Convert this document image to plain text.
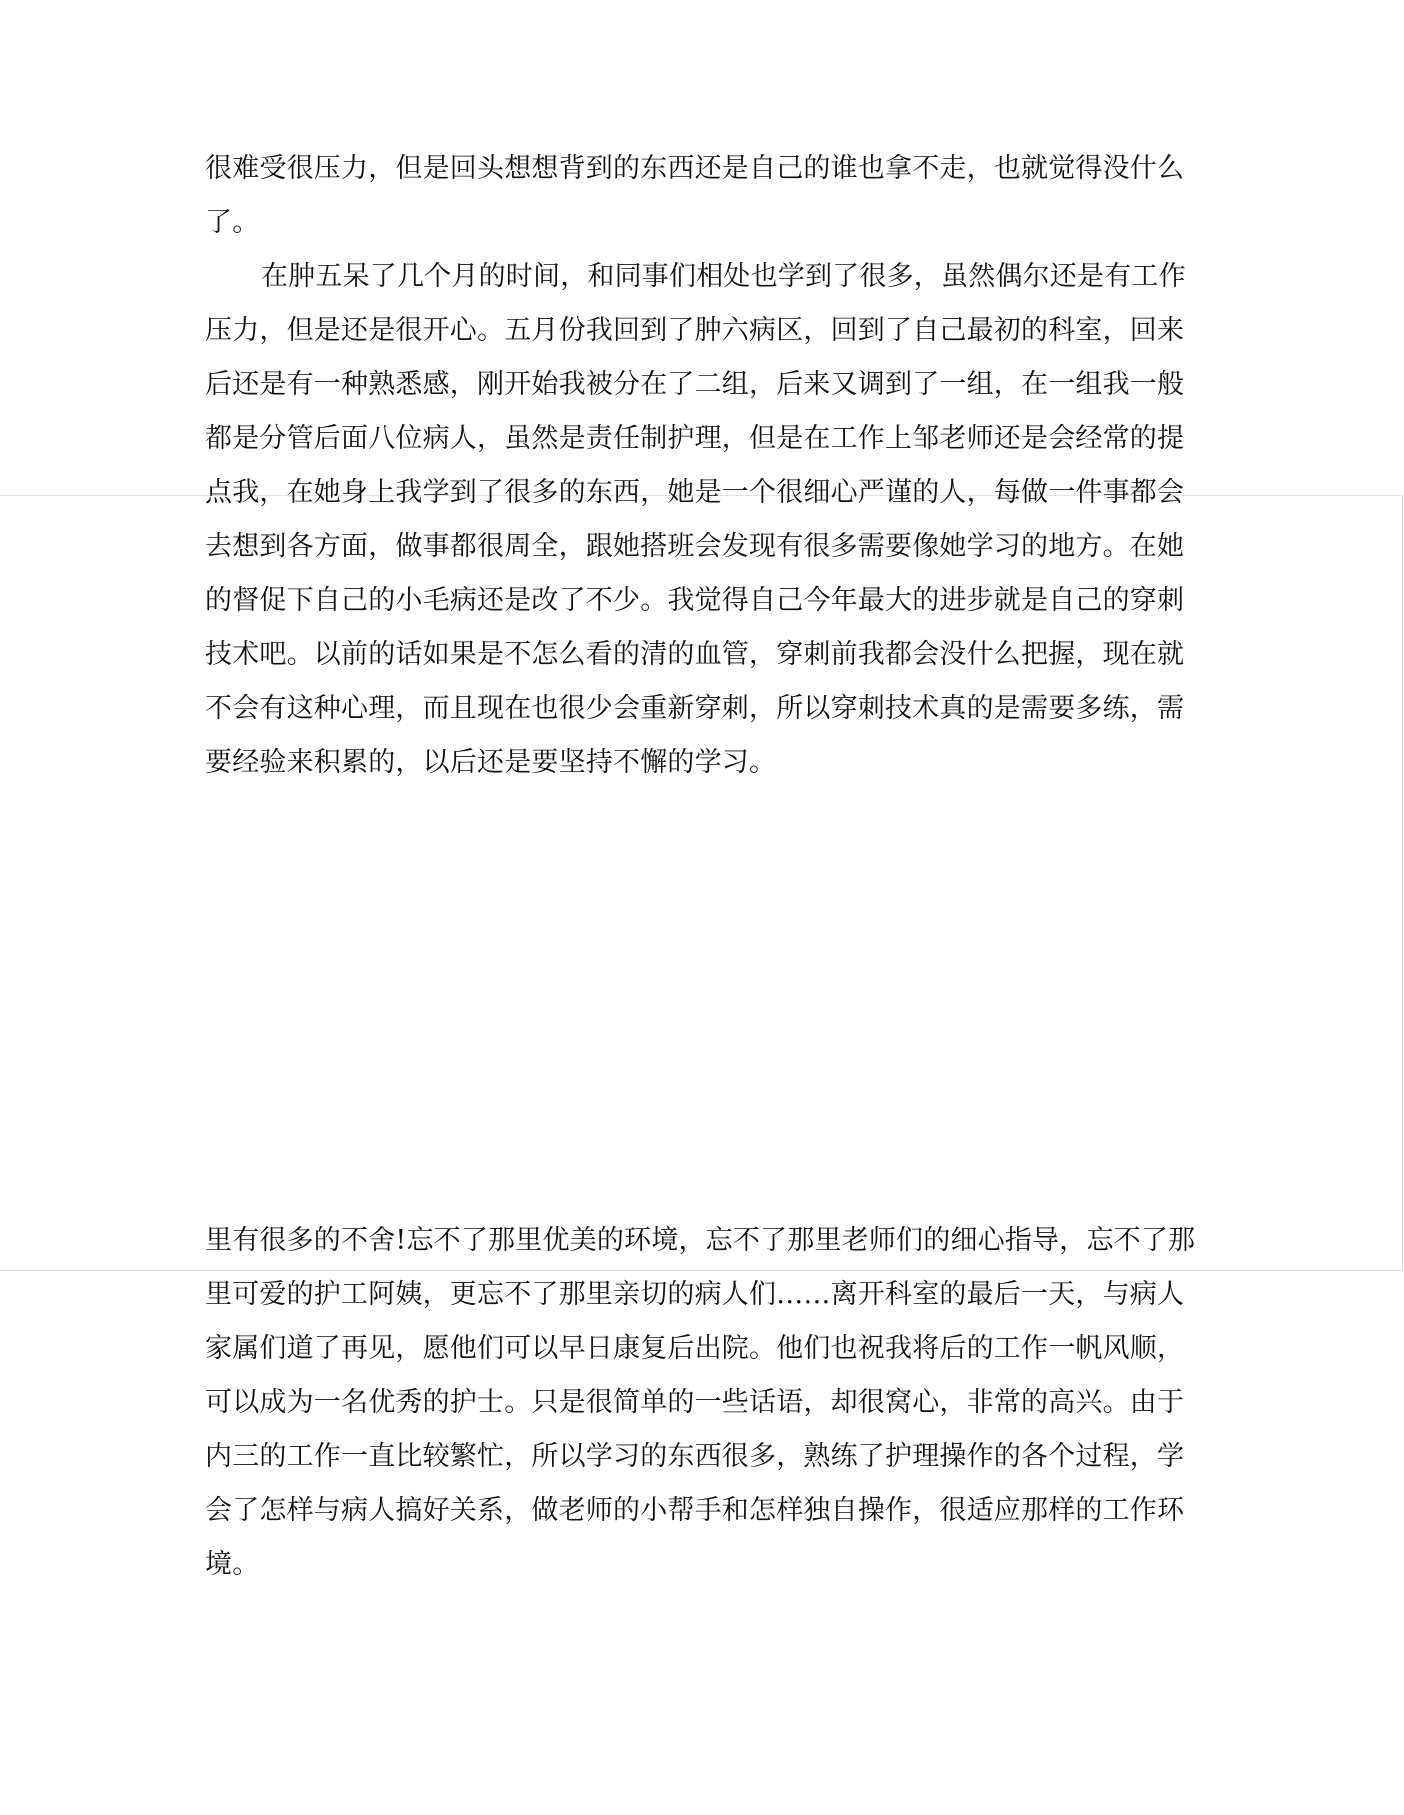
很难受很压力，但是回头想想背到的东西还是自己的谁也拿不走，也就觉得没什么
了。
在肿五呆了几个月的时间，和同事们相处也学到了很多，虽然偶尔还是有工作
压力，但是还是很开心。五月份我回到了肿六病区，回到了自己最初的科室，回来
后还是有一种熟悉感，刚开始我被分在了二组，后来又调到了一组，在一组我一般
都是分管后面八位病人，虽然是责任制护理，但是在工作上邹老师还是会经常的提
点我，在她身上我学到了很多的东西，她是一个很细心严谨的人，每做一件事都会
去想到各方面，做事都很周全，跟她搭班会发现有很多需要像她学习的地方。在她
的督促下自己的小毛病还是改了不少。我觉得自己今年最大的进步就是自己的穿刺
技术吧。以前的话如果是不怎么看的清的血管，穿刺前我都会没什么把握，现在就
不会有这种心理，而且现在也很少会重新穿刺，所以穿刺技术真的是需要多练，需
要经验来积累的，以后还是要坚持不懈的学习。
里有很多的不舍!忘不了那里优美的环境，忘不了那里老师们的细心指导，忘不了那
里可爱的护工阿姨，更忘不了那里亲切的病人们……离开科室的最后一天，与病人
家属们道了再见，愿他们可以早日康复后出院。他们也祝我将后的工作一帆风顺，
可以成为一名优秀的护士。只是很简单的一些话语，却很窝心，非常的高兴。由于
内三的工作一直比较繁忙，所以学习的东西很多，熟练了护理操作的各个过程，学
会了怎样与病人搞好关系，做老师的小帮手和怎样独自操作，很适应那样的工作环
境。
